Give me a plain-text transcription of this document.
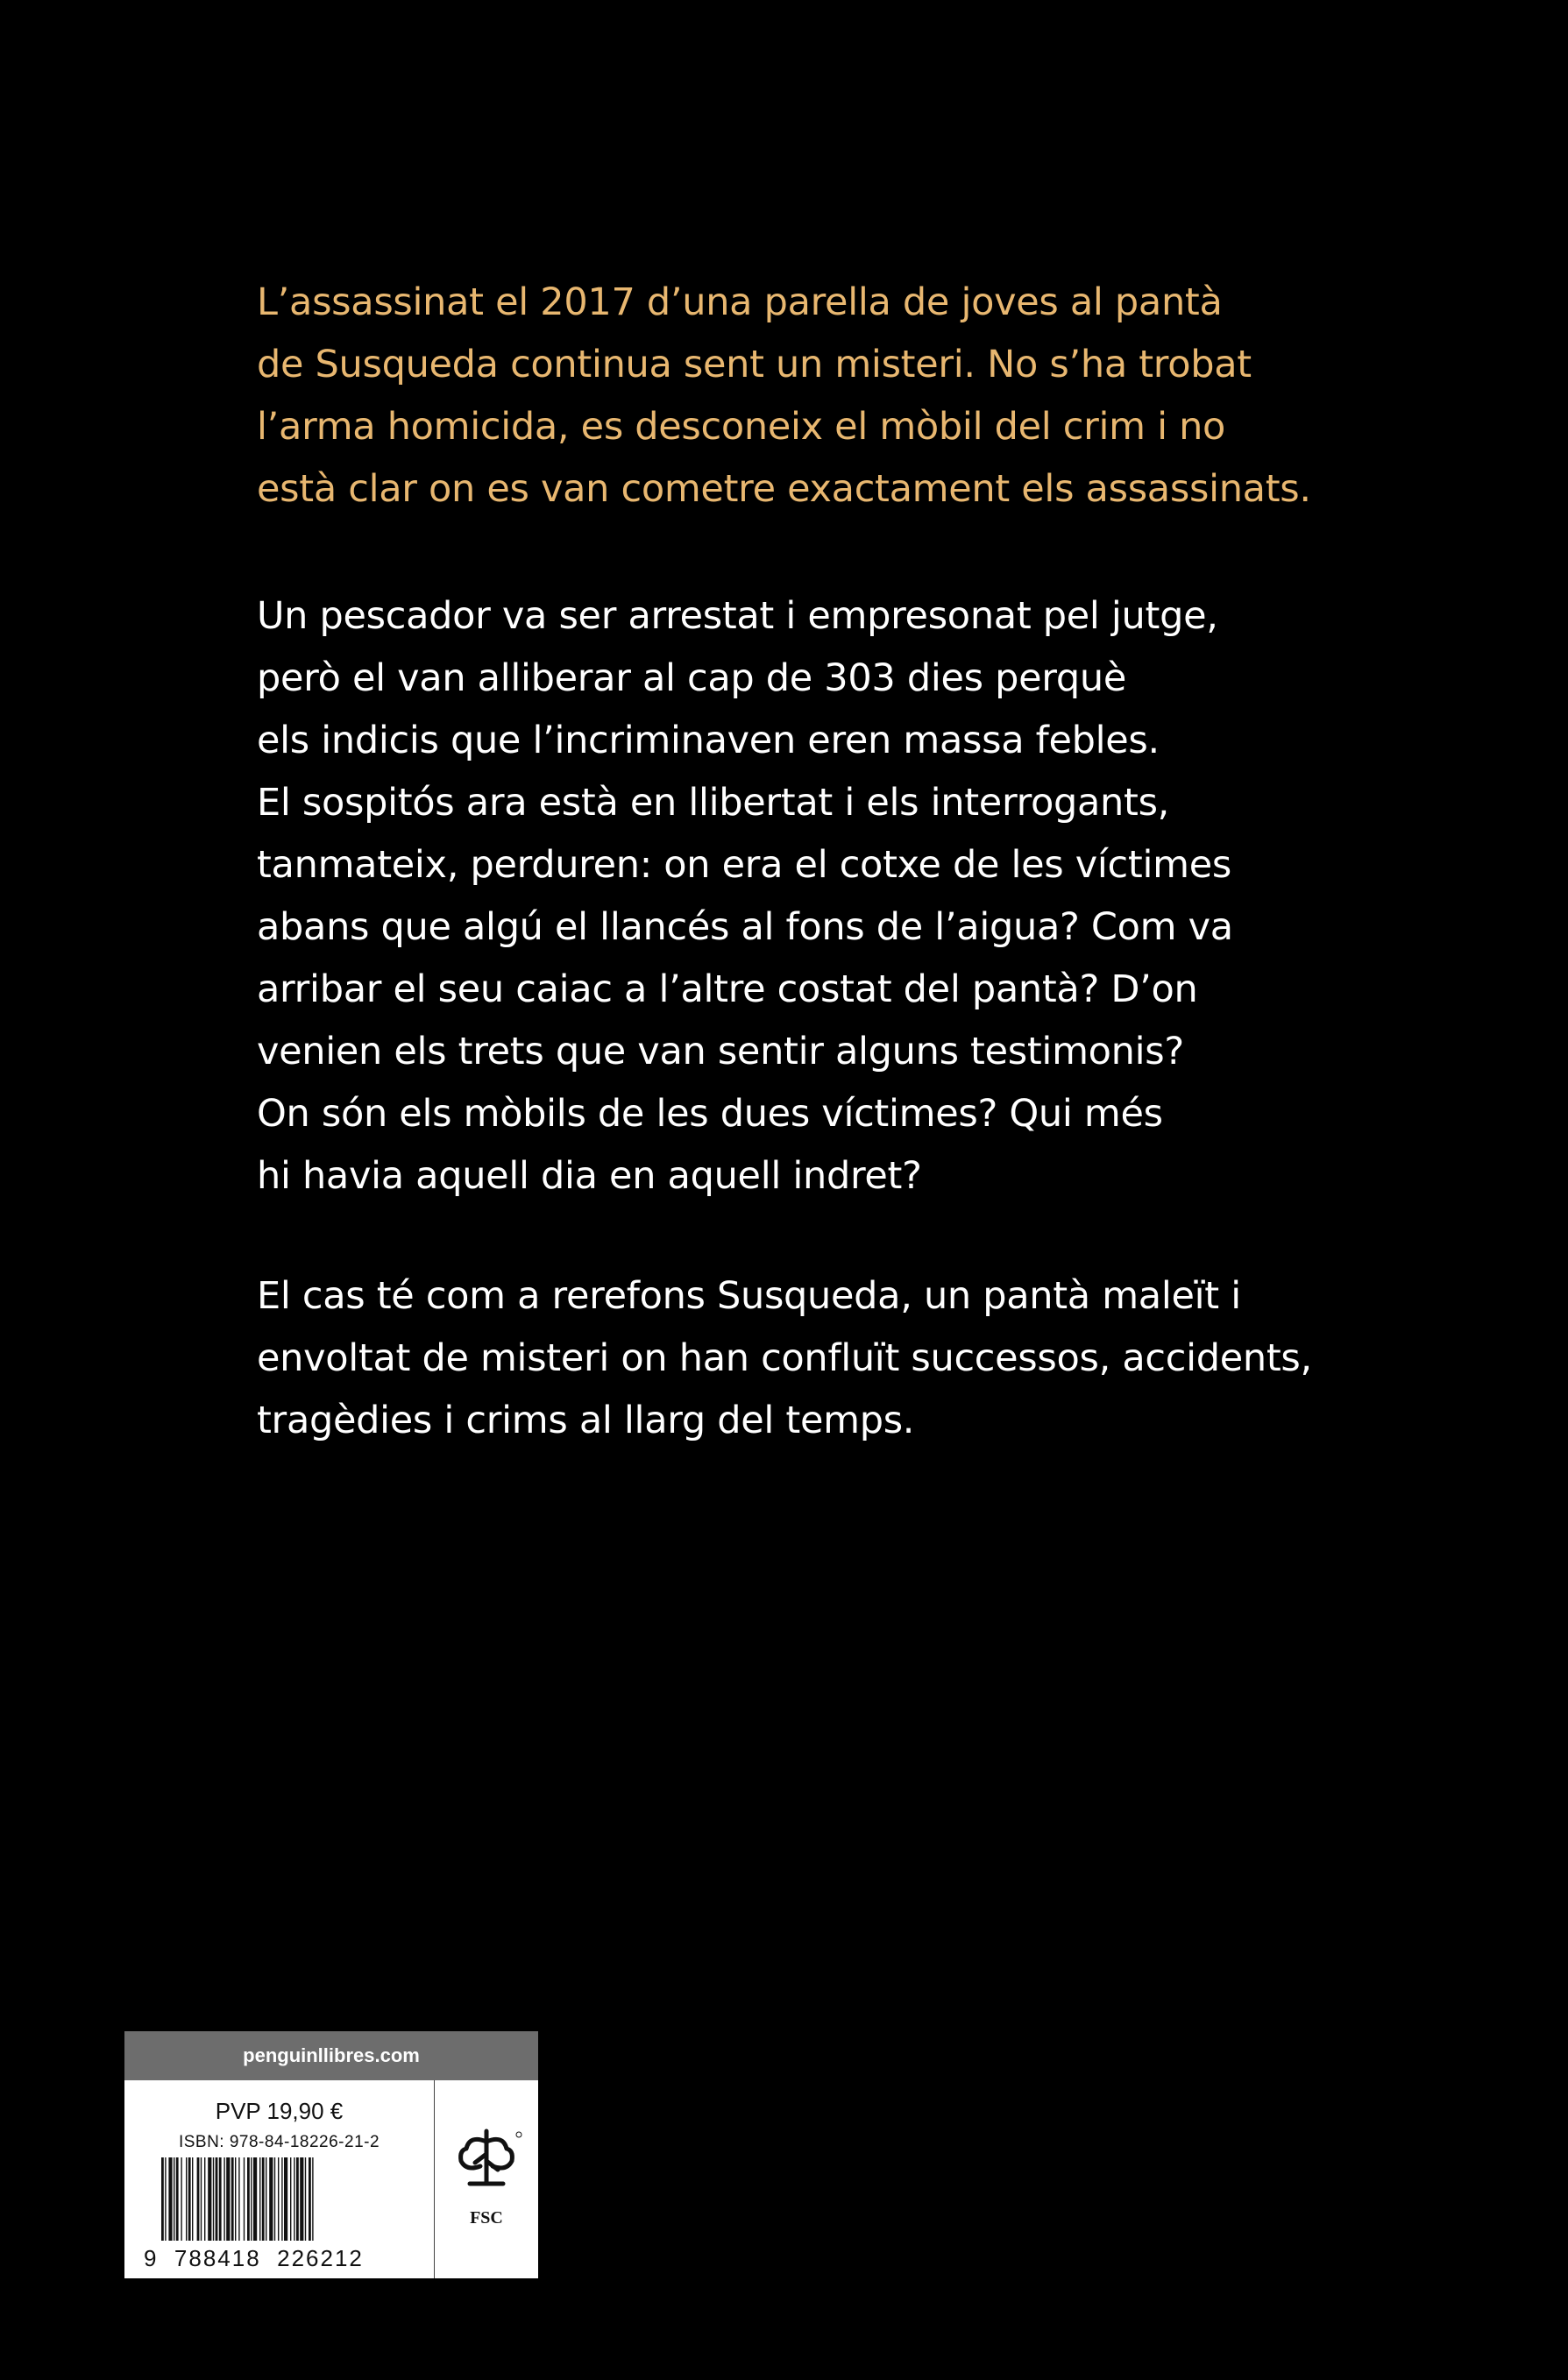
L’assassinat el 2017 d’una parella de joves al pantà
de Susqueda continua sent un misteri. No s’ha trobat
l’arma homicida, es desconeix el mòbil del crim i no
està clar on es van cometre exactament els assassinats.
Un pescador va ser arrestat i empresonat pel jutge,
però el van alliberar al cap de 303 dies perquè
els indicis que l’incriminaven eren massa febles.
El sospitós ara està en llibertat i els interrogants,
tanmateix, perduren: on era el cotxe de les víctimes
abans que algú el llancés al fons de l’aigua? Com va
arribar el seu caiac a l’altre costat del pantà? D’on
venien els trets que van sentir alguns testimonis?
On són els mòbils de les dues víctimes? Qui més
hi havia aquell dia en aquell indret?
El cas té com a rerefons Susqueda, un pantà maleït i
envoltat de misteri on han confluït successos, accidents,
tragèdies i crims al llarg del temps.
penguinllibres.com
PVP 19,90 €
ISBN: 978-84-18226-21-2
9  788418  226212
FSC
